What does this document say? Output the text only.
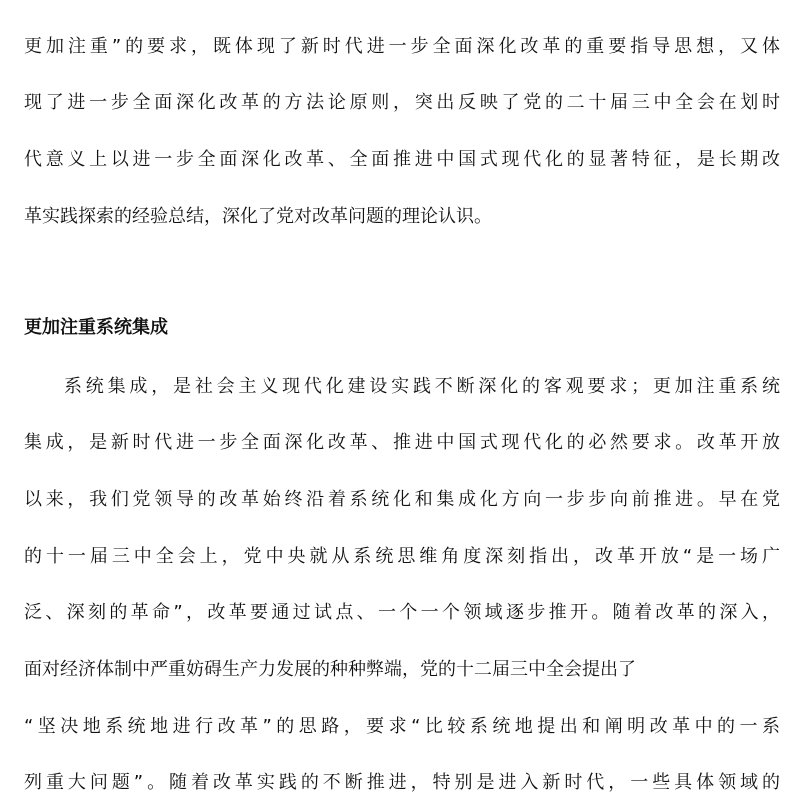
更加注重”的要求，既体现了新时代进一步全面深化改革的重要指导思想，又体
现了进一步全面深化改革的方法论原则，突出反映了党的二十届三中全会在划时
代意义上以进一步全面深化改革、全面推进中国式现代化的显著特征，是长期改
革实践探索的经验总结，深化了党对改革问题的理论认识。
更加注重系统集成
系统集成，是社会主义现代化建设实践不断深化的客观要求；更加注重系统
集成，是新时代进一步全面深化改革、推进中国式现代化的必然要求。改革开放
以来，我们党领导的改革始终沿着系统化和集成化方向一步步向前推进。早在党
的十一届三中全会上，党中央就从系统思维角度深刻指出，改革开放“是一场广
泛、深刻的革命”，改革要通过试点、一个一个领域逐步推开。随着改革的深入，
面对经济体制中严重妨碍生产力发展的种种弊端，党的十二届三中全会提出了
“坚决地系统地进行改革”的思路，要求“比较系统地提出和阐明改革中的一系
列重大问题”。随着改革实践的不断推进，特别是进入新时代，一些具体领域的
